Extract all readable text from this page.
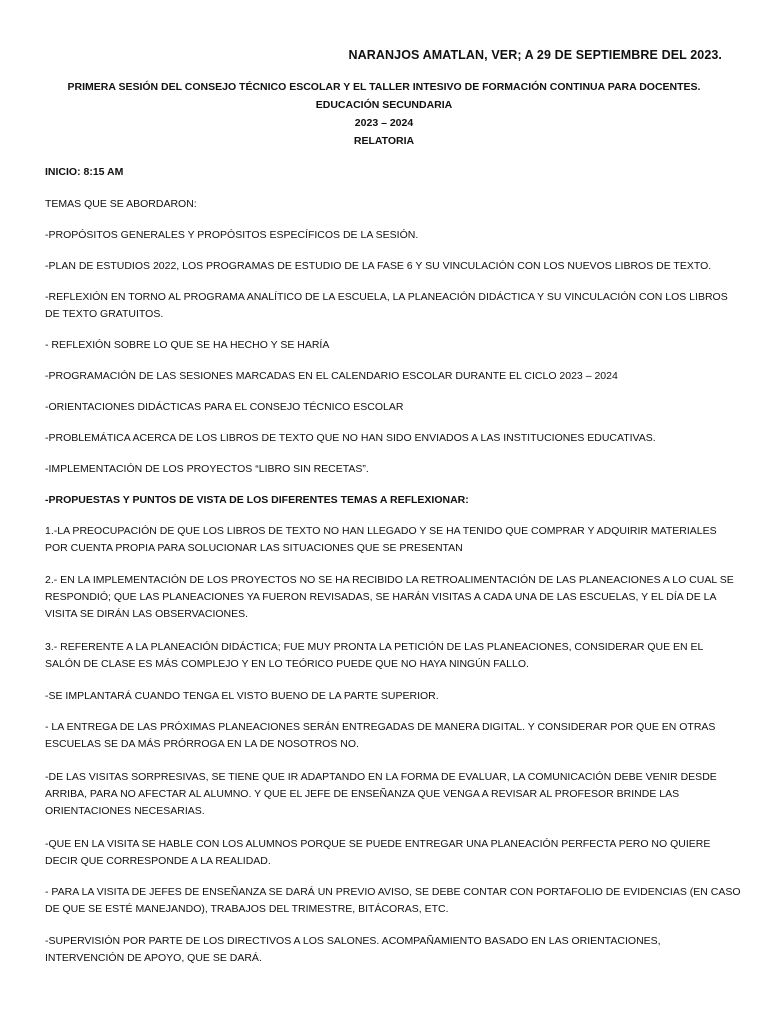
NARANJOS AMATLAN, VER; A 29 DE SEPTIEMBRE DEL 2023.
PRIMERA SESIÓN DEL CONSEJO TÉCNICO ESCOLAR Y EL TALLER INTESIVO DE FORMACIÓN CONTINUA PARA DOCENTES.
EDUCACIÓN SECUNDARIA
2023 – 2024
RELATORIA
INICIO: 8:15 AM
TEMAS QUE SE ABORDARON:
-PROPÓSITOS GENERALES Y PROPÓSITOS ESPECÍFICOS DE LA SESIÓN.
-PLAN DE ESTUDIOS 2022, LOS PROGRAMAS DE ESTUDIO DE LA FASE 6 Y SU VINCULACIÓN CON LOS NUEVOS LIBROS DE TEXTO.
-REFLEXIÓN EN TORNO AL PROGRAMA ANALÍTICO DE LA ESCUELA, LA PLANEACIÓN DIDÁCTICA Y SU VINCULACIÓN CON LOS LIBROS
DE TEXTO GRATUITOS.
- REFLEXIÓN SOBRE LO QUE SE HA HECHO Y SE HARÍA
-PROGRAMACIÓN DE LAS SESIONES MARCADAS EN EL CALENDARIO ESCOLAR DURANTE EL CICLO 2023 – 2024
-ORIENTACIONES DIDÁCTICAS PARA EL CONSEJO TÉCNICO ESCOLAR
-PROBLEMÁTICA ACERCA DE LOS LIBROS DE TEXTO QUE NO HAN SIDO ENVIADOS A LAS INSTITUCIONES EDUCATIVAS.
-IMPLEMENTACIÓN DE LOS PROYECTOS “LIBRO SIN RECETAS”.
-PROPUESTAS Y PUNTOS DE VISTA DE LOS DIFERENTES TEMAS A REFLEXIONAR:
1.-LA PREOCUPACIÓN DE QUE LOS LIBROS DE TEXTO NO HAN LLEGADO Y SE HA TENIDO QUE COMPRAR Y ADQUIRIR MATERIALES
POR CUENTA PROPIA PARA SOLUCIONAR LAS SITUACIONES QUE SE PRESENTAN
2.- EN LA IMPLEMENTACIÓN DE LOS PROYECTOS NO SE HA RECIBIDO LA RETROALIMENTACIÓN DE LAS PLANEACIONES A LO CUAL SE
RESPONDIÓ; QUE LAS PLANEACIONES YA FUERON REVISADAS, SE HARÁN VISITAS A CADA UNA DE LAS ESCUELAS, Y EL DÍA DE LA
VISITA SE DIRÁN LAS OBSERVACIONES.
3.- REFERENTE A LA PLANEACIÓN DIDÁCTICA; FUE MUY PRONTA LA PETICIÓN DE LAS PLANEACIONES, CONSIDERAR QUE EN EL
SALÓN DE CLASE ES MÁS COMPLEJO Y EN LO TEÓRICO PUEDE QUE NO HAYA NINGÚN FALLO.
-SE IMPLANTARÁ CUANDO TENGA EL VISTO BUENO DE LA PARTE SUPERIOR.
- LA ENTREGA DE LAS PRÓXIMAS PLANEACIONES SERÁN ENTREGADAS DE MANERA DIGITAL. Y CONSIDERAR POR QUE EN OTRAS
ESCUELAS SE DA MÁS PRÓRROGA EN LA DE NOSOTROS NO.
-DE LAS VISITAS SORPRESIVAS, SE TIENE QUE IR ADAPTANDO EN LA FORMA DE EVALUAR, LA COMUNICACIÓN DEBE VENIR DESDE
ARRIBA, PARA NO AFECTAR AL ALUMNO. Y QUE EL JEFE DE ENSEÑANZA QUE VENGA A REVISAR AL PROFESOR BRINDE LAS
ORIENTACIONES NECESARIAS.
-QUE EN LA VISITA SE HABLE CON LOS ALUMNOS PORQUE SE PUEDE ENTREGAR UNA PLANEACIÓN PERFECTA PERO NO QUIERE
DECIR QUE CORRESPONDE A LA REALIDAD.
- PARA LA VISITA DE JEFES DE ENSEÑANZA SE DARÁ UN PREVIO AVISO, SE DEBE CONTAR CON PORTAFOLIO DE EVIDENCIAS (EN CASO
DE QUE SE ESTÉ MANEJANDO), TRABAJOS DEL TRIMESTRE, BITÁCORAS, ETC.
-SUPERVISIÓN POR PARTE DE LOS DIRECTIVOS A LOS SALONES. ACOMPAÑAMIENTO BASADO EN LAS ORIENTACIONES,
INTERVENCIÓN DE APOYO, QUE SE DARÁ.
